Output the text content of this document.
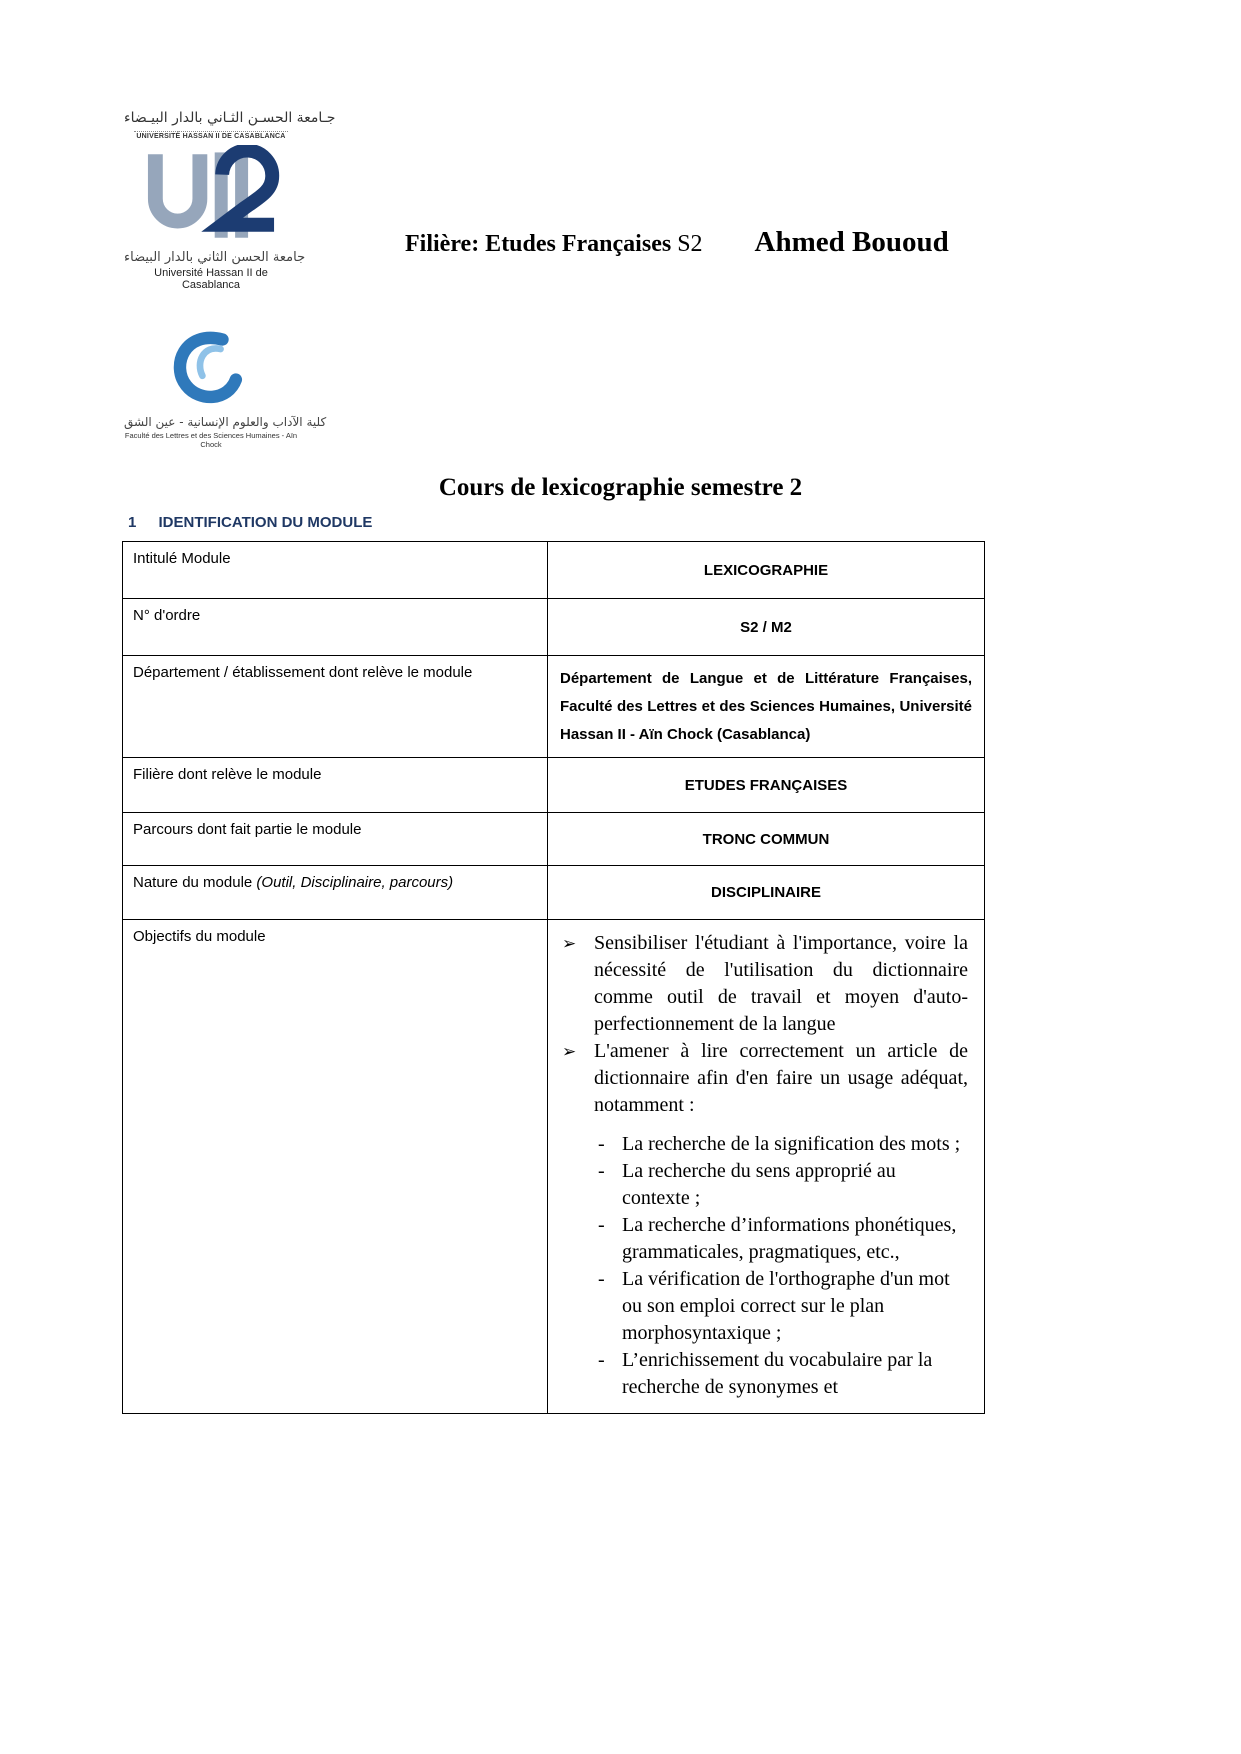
جـامعة الحسـن الثـاني بالدار البيـضاء
UNIVERSITÉ HASSAN II DE CASABLANCA
جامعة الحسن الثاني بالدار البيضاء
Université Hassan II de Casablanca
كلية الآداب والعلوم الإنسانية - عين الشق
Faculté des Lettres et des Sciences Humaines - Aïn Chock
Filière: Etudes Françaises S2 Ahmed Bououd
Cours de lexicographie semestre 2
1 IDENTIFICATION DU MODULE
Intitulé Module	LEXICOGRAPHIE
N° d'ordre	S2 / M2
Département / établissement dont relève le module	Département de Langue et de Littérature Françaises, Faculté des Lettres et des Sciences Humaines, Université Hassan II - Aïn Chock (Casablanca)
Filière dont relève le module	ETUDES FRANÇAISES
Parcours dont fait partie le module	TRONC COMMUN
Nature du module (Outil, Disciplinaire, parcours)	DISCIPLINAIRE
Objectifs du module	➢ Sensibiliser l'étudiant à l'importance, voire la nécessité de l'utilisation du dictionnaire comme outil de travail et moyen d'auto-perfectionnement de la langue
➢ L'amener à lire correctement un article de dictionnaire afin d'en faire un usage adéquat, notamment :
- La recherche de la signification des mots ;
- La recherche du sens approprié au contexte ;
- La recherche d’informations phonétiques, grammaticales, pragmatiques, etc.,
- La vérification de l'orthographe d'un mot ou son emploi correct sur le plan morphosyntaxique ;
- L’enrichissement du vocabulaire par la recherche de synonymes et
